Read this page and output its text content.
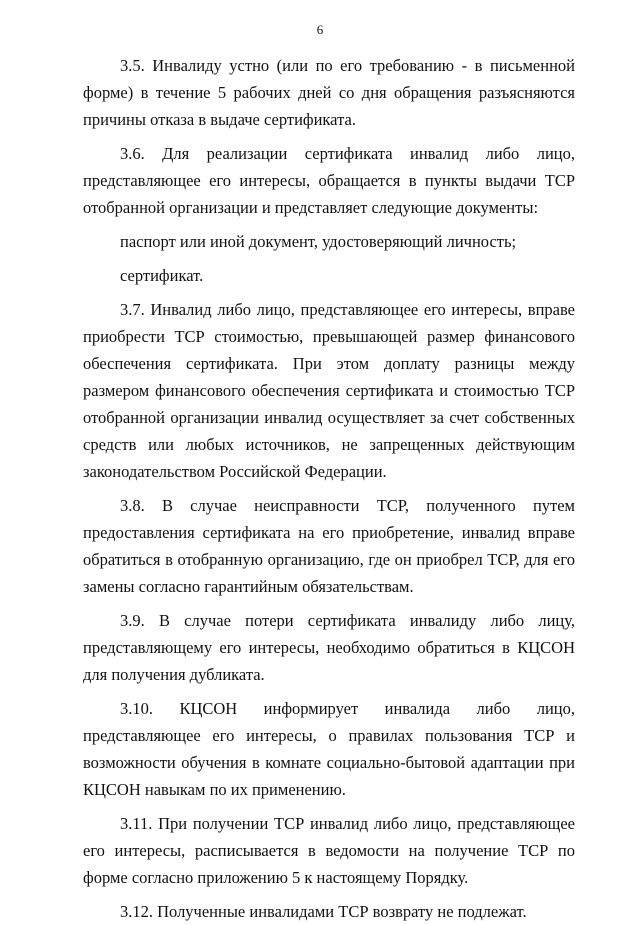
6

3.5. Инвалиду устно (или по его требованию - в письменной форме) в течение 5 рабочих дней со дня обращения разъясняются причины отказа в выдаче сертификата.

3.6. Для реализации сертификата инвалид либо лицо, представляющее его интересы, обращается в пункты выдачи ТСР отобранной организации и представляет следующие документы:

паспорт или иной документ, удостоверяющий личность;

сертификат.

3.7. Инвалид либо лицо, представляющее его интересы, вправе приобрести ТСР стоимостью, превышающей размер финансового обеспечения сертификата. При этом доплату разницы между размером финансового обеспечения сертификата и стоимостью ТСР отобранной организации инвалид осуществляет за счет собственных средств или любых источников, не запрещенных действующим законодательством Российской Федерации.

3.8. В случае неисправности ТСР, полученного путем предоставления сертификата на его приобретение, инвалид вправе обратиться в отобранную организацию, где он приобрел ТСР, для его замены согласно гарантийным обязательствам.

3.9. В случае потери сертификата инвалиду либо лицу, представляющему его интересы, необходимо обратиться в КЦСОН для получения дубликата.

3.10. КЦСОН информирует инвалида либо лицо, представляющее его интересы, о правилах пользования ТСР и возможности обучения в комнате социально-бытовой адаптации при КЦСОН навыкам по их применению.

3.11. При получении ТСР инвалид либо лицо, представляющее его интересы, расписывается в ведомости на получение ТСР по форме согласно приложению 5 к настоящему Порядку.

3.12. Полученные инвалидами ТСР возврату не подлежат.
